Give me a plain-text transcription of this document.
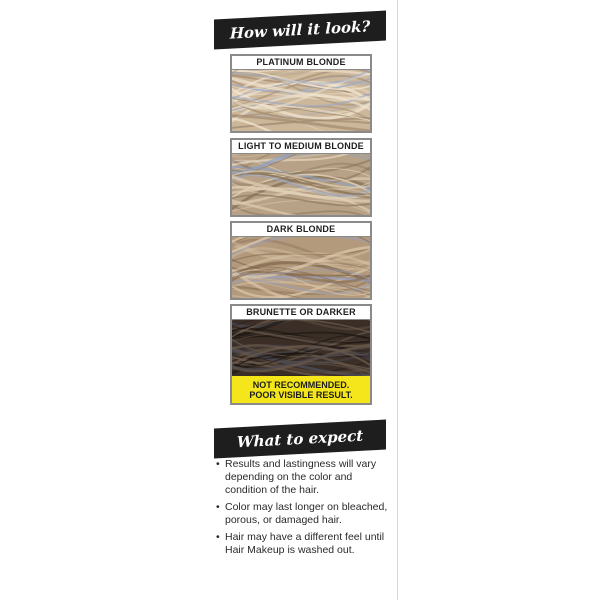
How will it look?
PLATINUM BLONDE
LIGHT TO MEDIUM BLONDE
DARK BLONDE
BRUNETTE OR DARKER
NOT RECOMMENDED.
POOR VISIBLE RESULT.
What to expect
• Results and lastingness will vary depending on the color and condition of the hair.
• Color may last longer on bleached, porous, or damaged hair.
• Hair may have a different feel until Hair Makeup is washed out.
